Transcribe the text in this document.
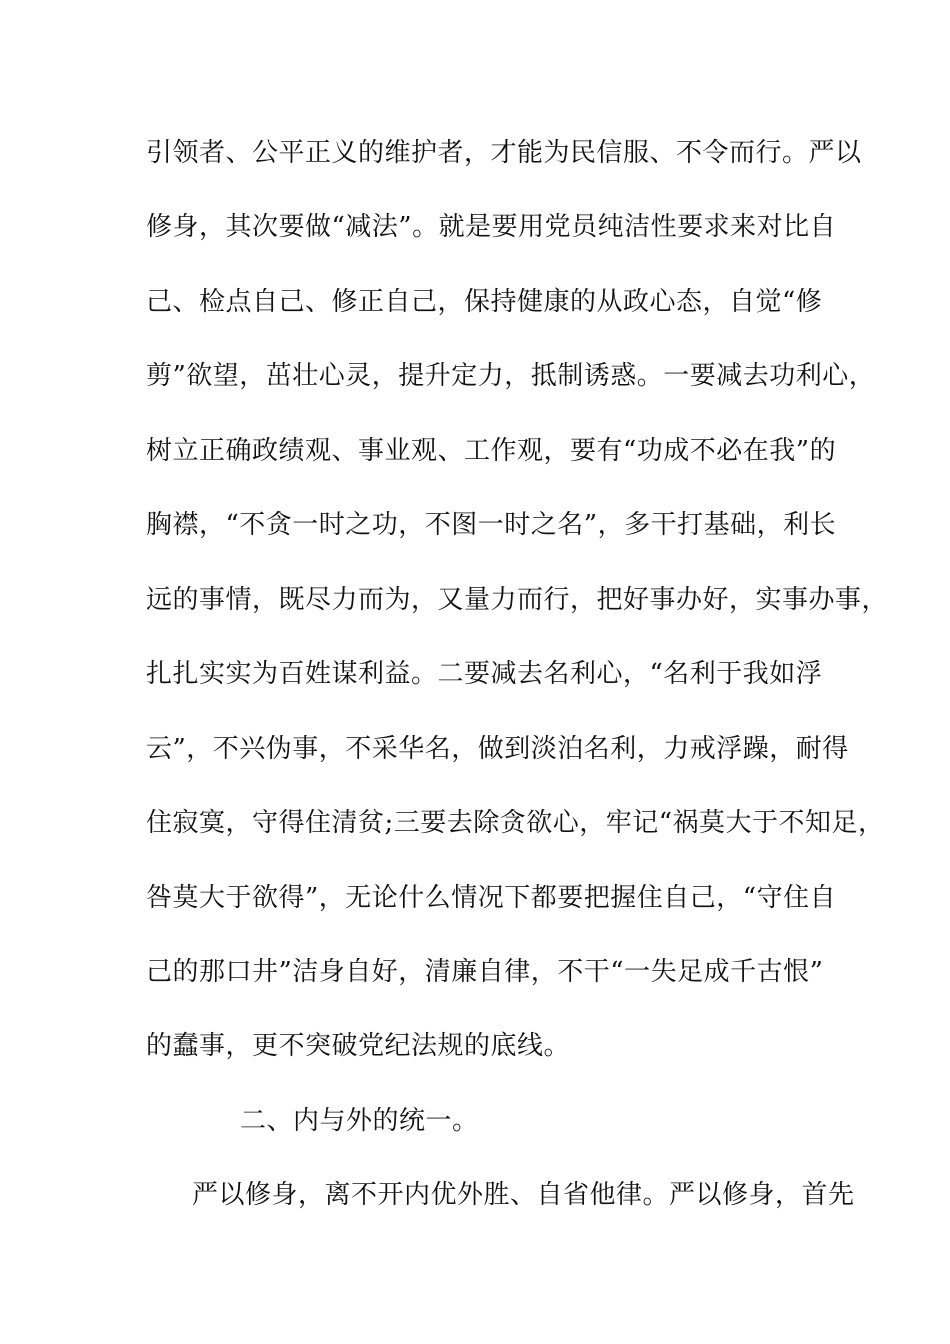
引领者、公平正义的维护者，才能为民信服、不令而行。严以
修身，其次要做“减法”。就是要用党员纯洁性要求来对比自
己、检点自己、修正自己，保持健康的从政心态，自觉“修
剪”欲望，茁壮心灵，提升定力，抵制诱惑。一要减去功利心，
树立正确政绩观、事业观、工作观，要有“功成不必在我”的
胸襟，“不贪一时之功，不图一时之名”，多干打基础，利长
远的事情，既尽力而为，又量力而行，把好事办好，实事办事，
扎扎实实为百姓谋利益。二要减去名利心，“名利于我如浮
云”，不兴伪事，不采华名，做到淡泊名利，力戒浮躁，耐得
住寂寞，守得住清贫;三要去除贪欲心，牢记“祸莫大于不知足，
咎莫大于欲得”，无论什么情况下都要把握住自己，“守住自
己的那口井”洁身自好，清廉自律，不干“一失足成千古恨”
的蠢事，更不突破党纪法规的底线。
二、内与外的统一。
严以修身，离不开内优外胜、自省他律。严以修身，首先
